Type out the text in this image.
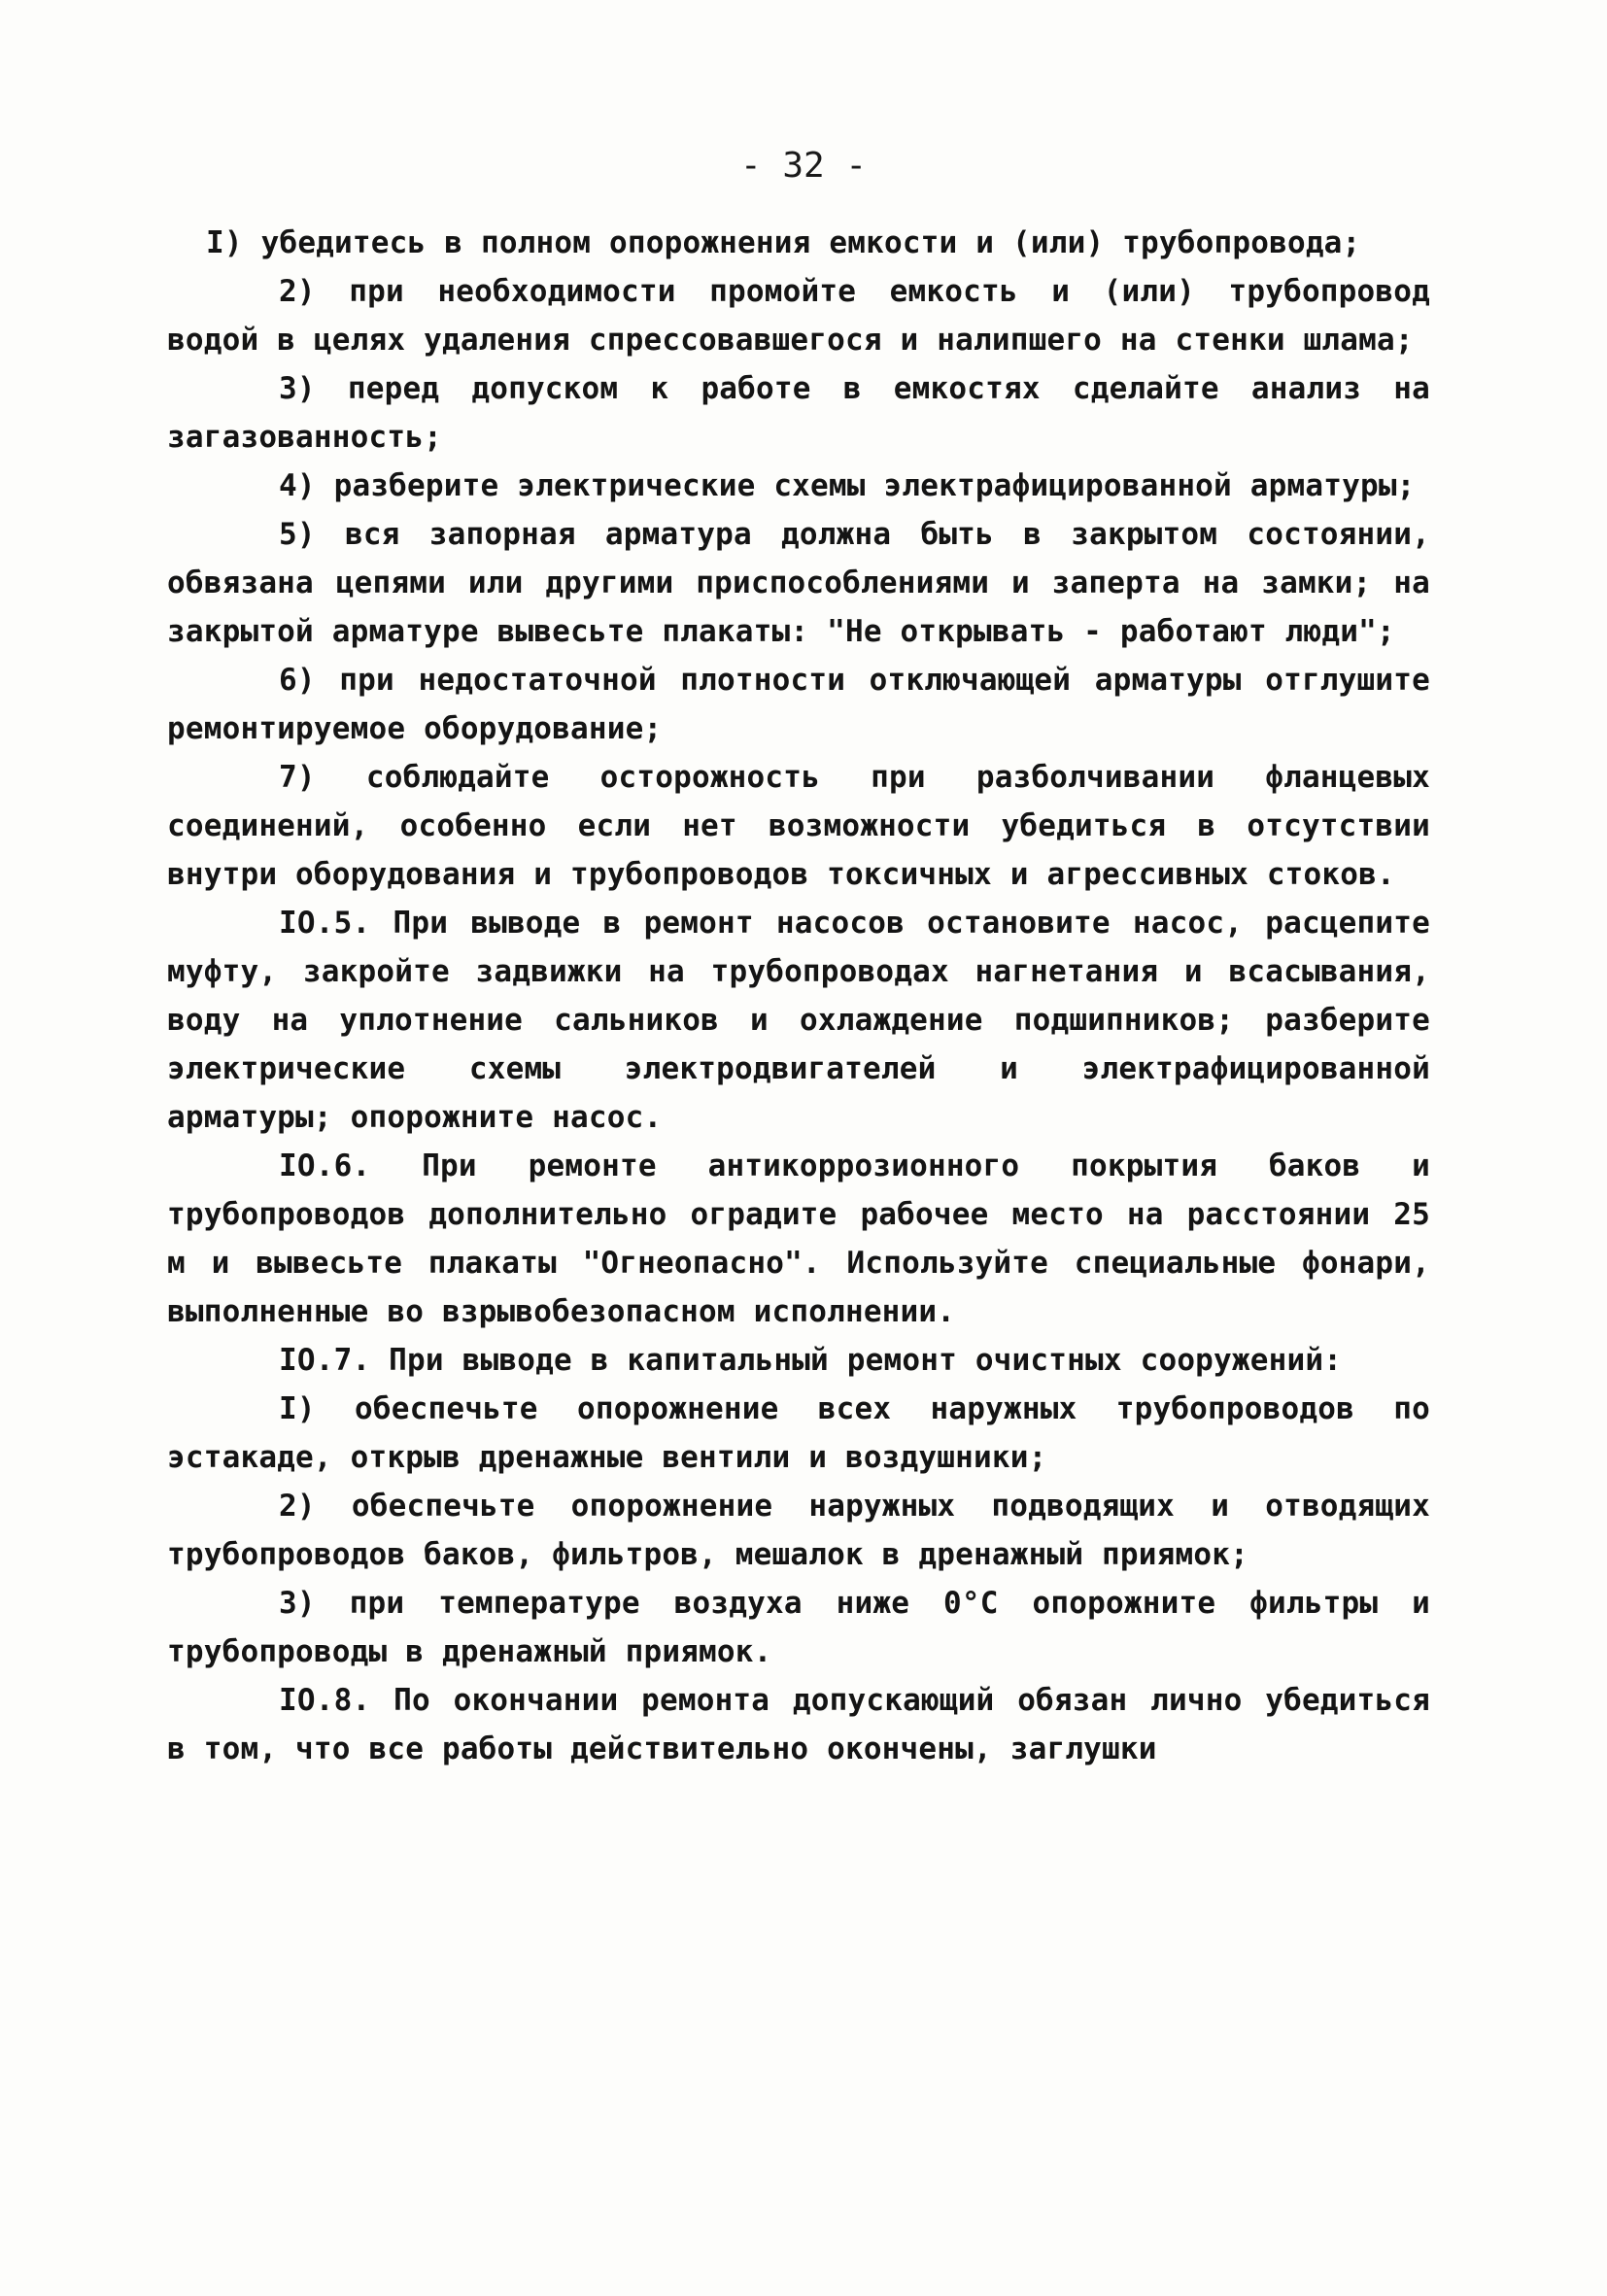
- 32 -

I) убедитесь в полном опорожнения емкости и (или) трубопровода;

2) при необходимости промойте емкость и (или) трубопровод водой в целях удаления спрессовавшегося и налипшего на стенки шлама;

3) перед допуском к работе в емкостях сделайте анализ на загазованность;

4) разберите электрические схемы электрафицированной арматуры;

5) вся запорная арматура должна быть в закрытом состоянии, обвязана цепями или другими приспособлениями и заперта на замки; на закрытой арматуре вывесьте плакаты: "Не открывать - работают люди";

6) при недостаточной плотности отключающей арматуры отглушите ремонтируемое оборудование;

7) соблюдайте осторожность при разболчивании фланцевых соединений, особенно если нет возможности убедиться в отсутствии внутри оборудования и трубопроводов токсичных и агрессивных стоков.

IO.5. При выводе в ремонт насосов остановите насос, расцепите муфту, закройте задвижки на трубопроводах нагнетания и всасывания, воду на уплотнение сальников и охлаждение подшипников; разберите электрические схемы электродвигателей и электрафицированной арматуры; опорожните насос.

IO.6. При ремонте антикоррозионного покрытия баков и трубопроводов дополнительно оградите рабочее место на расстоянии 25 м и вывесьте плакаты "Огнеопасно". Используйте специальные фонари, выполненные во взрывобезопасном исполнении.

IO.7. При выводе в капитальный ремонт очистных сооружений:

I) обеспечьте опорожнение всех наружных трубопроводов по эстакаде, открыв дренажные вентили и воздушники;

2) обеспечьте опорожнение наружных подводящих и отводящих трубопроводов баков, фильтров, мешалок в дренажный приямок;

3) при температуре воздуха ниже 0°С опорожните фильтры и трубопроводы в дренажный приямок.

IO.8. По окончании ремонта допускающий обязан лично убедиться в том, что все работы действительно окончены, заглушки
